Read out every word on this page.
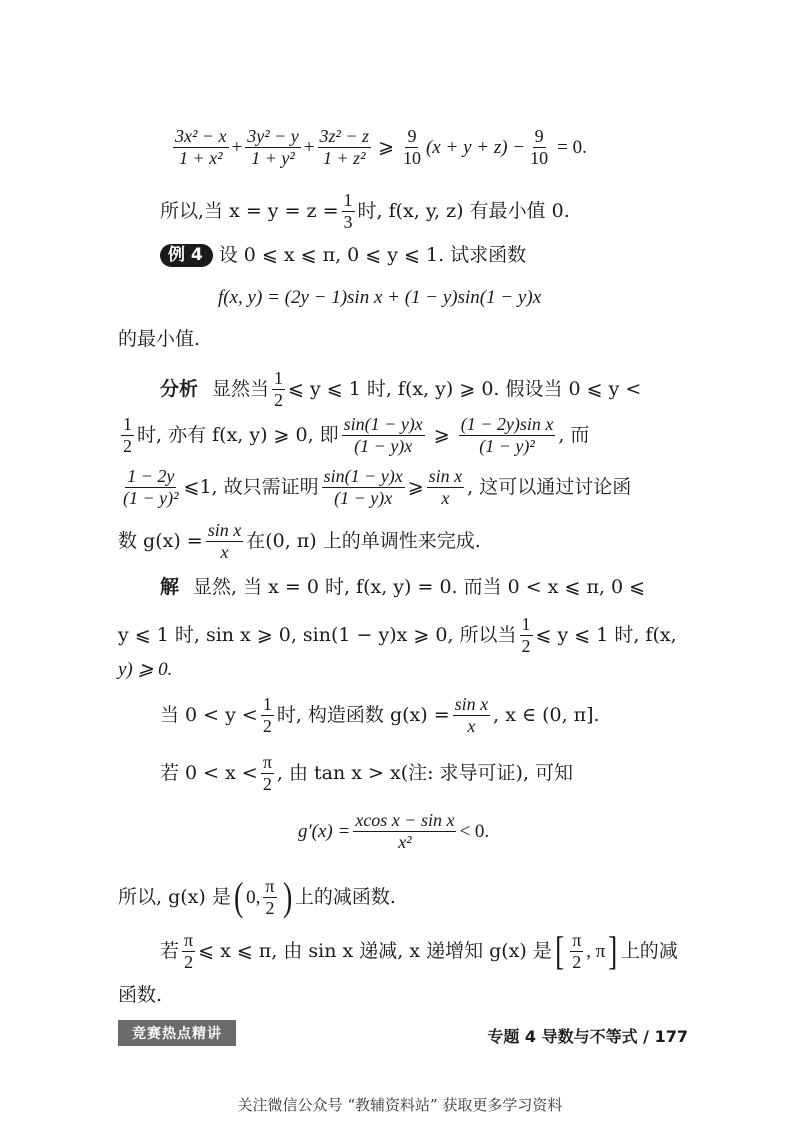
$\frac{\text{3x² − x}}{\text{1 + x²}} + \frac{\text{3y² − y}}{\text{1 + y²}} + \frac{\text{3z² − z}}{\text{1 + z²}}$ ⩾ $\frac{9}{10} (x + y + z) - \frac{9}{10} = 0$.
所以,当 $x = y = z = \frac{1}{3}$ 时, f(x, y, z) 有最小值 0.
例 4 设 0 ⩽ x ⩽ π, 0 ⩽ y ⩽ 1. 试求函数
f(x, y) = (2y − 1)sin x + (1 − y)sin(1 − y)x
的最小值.
分析 显然当 $\frac{1}{2}$ ⩽ y ⩽ 1 时, f(x, y) ⩾ 0. 假设当 0 ⩽ y <
$\frac{1}{2}$ 时, 亦有 f(x, y) ⩾ 0, 即 $\frac{\sin(1 - y)x}{(1 - y)x}$ ⩾ $\frac{\text{(1 − 2y)sin x}}{\text{(1 − y)²}}$ , 而
$\frac{1 - 2y}{\text{(1 − y)²}}$ ⩽1, 故只需证明 $\frac{\sin(1 - y)x}{(1 - y)x}$ ⩾ $\frac{\text{sin x}}{x}$ , 这可以通过讨论函
数 $g(x) = \frac{\text{sin x}}{x}$ 在(0, π) 上的单调性来完成.
解 显然, 当 x = 0 时, f(x, y) = 0. 而当 0 < x ⩽ π, 0 ⩽
y ⩽ 1 时, sin x ⩾ 0, sin(1 − y)x ⩾ 0, 所以当 $\frac{1}{2}$ ⩽ y ⩽ 1 时, f(x,
y) ⩾ 0.
当 $0 < y < \frac{1}{2}$ 时, 构造函数 $g(x) = \frac{\text{sin x}}{x}$ , x ∈ (0, π].
若 $0 < x < \frac{\pi}{2}$ , 由 tan x > x(注: 求导可证), 可知
$g'(x) = \frac{\text{xcos x − sin x}}{\text{x²}} < 0$.
所以, g(x) 是 ( 0, $\frac{\pi}{2}$ ) 上的减函数.
若 $\frac{\pi}{2}$ ⩽ x ⩽ π, 由 sin x 递减, x 递增知 g(x) 是 [ $\frac{\pi}{2}$ , π ] 上的减
函数.
竞赛热点精讲	专题 4 导数与不等式 / 177
关注微信公众号 “教辅资料站” 获取更多学习资料
